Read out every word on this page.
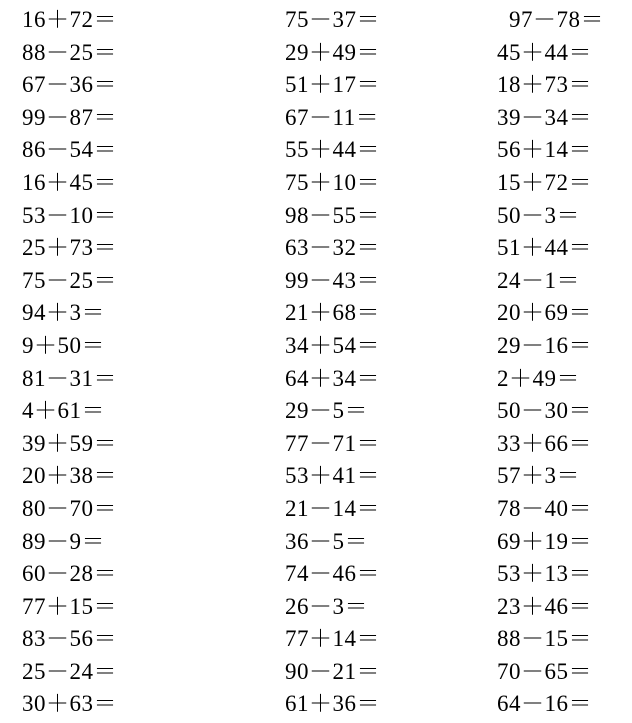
16＋72＝
88－25＝
67－36＝
99－87＝
86－54＝
16＋45＝
53－10＝
25＋73＝
75－25＝
94＋3＝
9＋50＝
81－31＝
4＋61＝
39＋59＝
20＋38＝
80－70＝
89－9＝
60－28＝
77＋15＝
83－56＝
25－24＝
30＋63＝
75－37＝
29＋49＝
51＋17＝
67－11＝
55＋44＝
75＋10＝
98－55＝
63－32＝
99－43＝
21＋68＝
34＋54＝
64＋34＝
29－5＝
77－71＝
53＋41＝
21－14＝
36－5＝
74－46＝
26－3＝
77＋14＝
90－21＝
61＋36＝
97－78＝
45＋44＝
18＋73＝
39－34＝
56＋14＝
15＋72＝
50－3＝
51＋44＝
24－1＝
20＋69＝
29－16＝
2＋49＝
50－30＝
33＋66＝
57＋3＝
78－40＝
69＋19＝
53＋13＝
23＋46＝
88－15＝
70－65＝
64－16＝
